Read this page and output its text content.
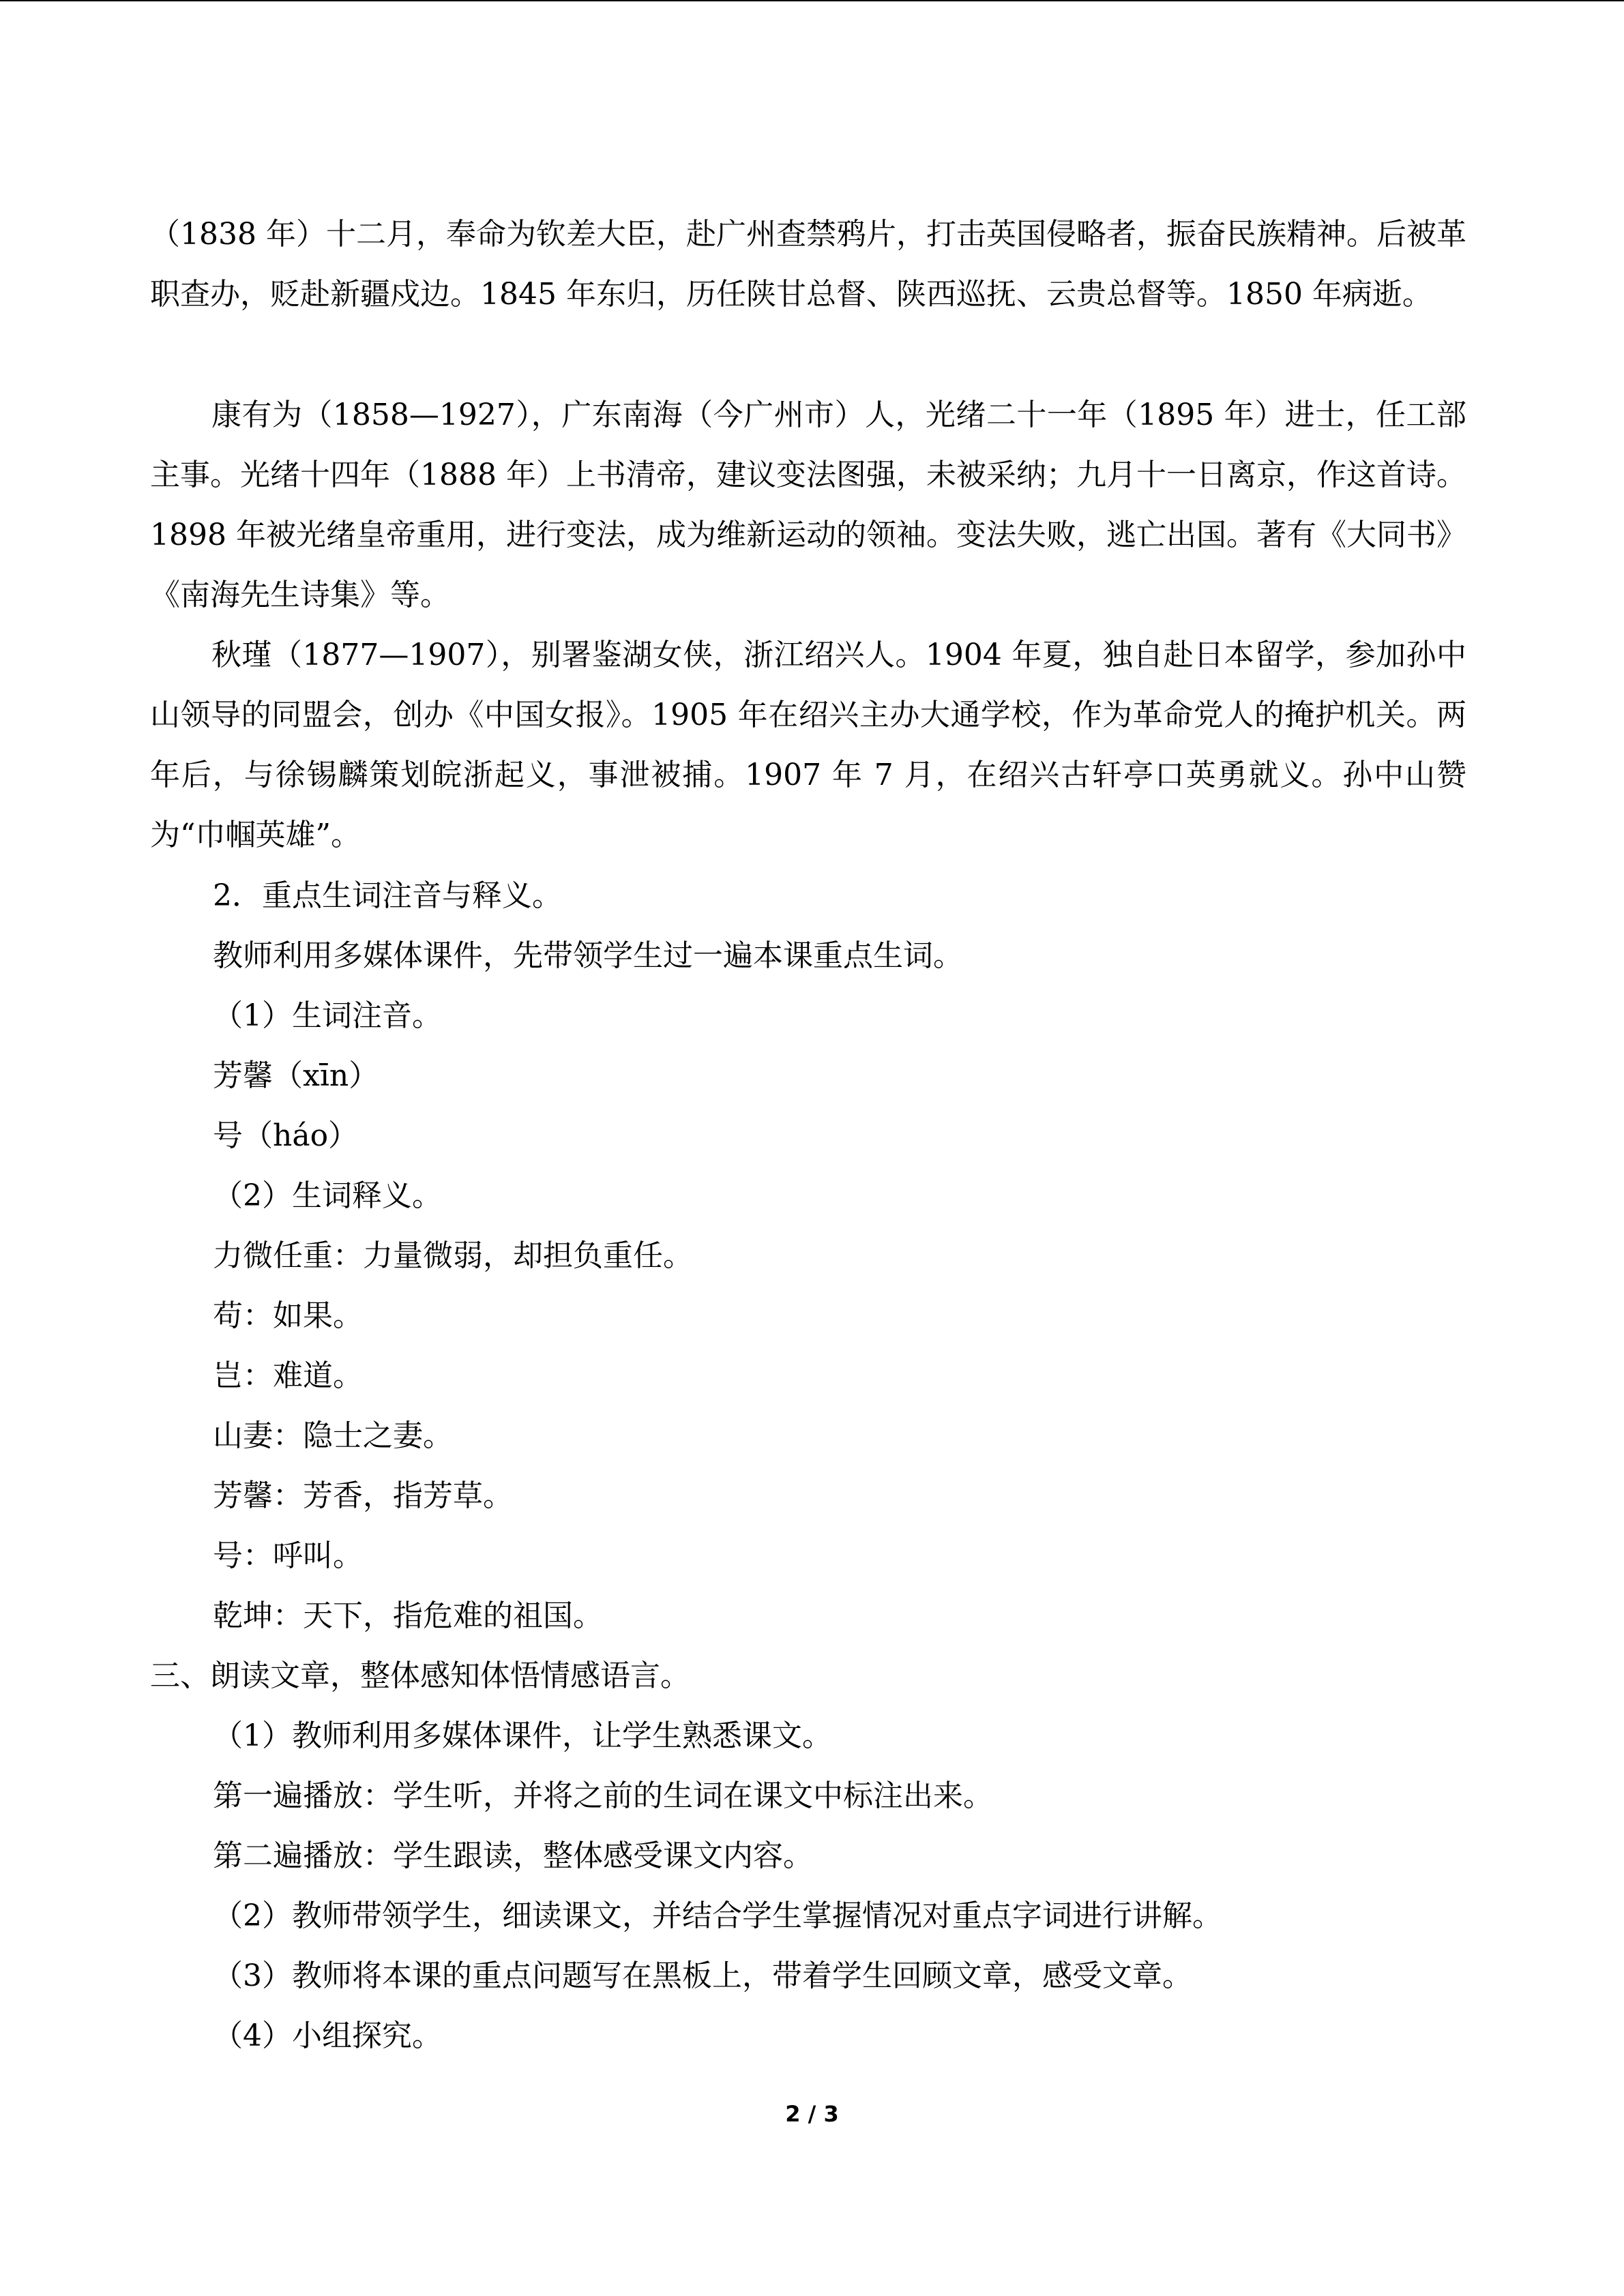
（1838 年）十二月，奉命为钦差大臣，赴广州查禁鸦片，打击英国侵略者，振奋民族精神。后被革职查办，贬赴新疆戍边。1845 年东归，历任陕甘总督、陕西巡抚、云贵总督等。1850 年病逝。

康有为（1858—1927），广东南海（今广州市）人，光绪二十一年（1895 年）进士，任工部主事。光绪十四年（1888 年）上书清帝，建议变法图强，未被采纳；九月十一日离京，作这首诗。1898 年被光绪皇帝重用，进行变法，成为维新运动的领袖。变法失败，逃亡出国。著有《大同书》《南海先生诗集》等。

秋瑾（1877—1907），别署鉴湖女侠，浙江绍兴人。1904 年夏，独自赴日本留学，参加孙中山领导的同盟会，创办《中国女报》。1905 年在绍兴主办大通学校，作为革命党人的掩护机关。两年后，与徐锡麟策划皖浙起义，事泄被捕。1907 年 7 月，在绍兴古轩亭口英勇就义。孙中山赞为“巾帼英雄”。

2．重点生词注音与释义。

教师利用多媒体课件，先带领学生过一遍本课重点生词。

（1）生词注音。

芳馨（xīn）

号（háo）

（2）生词释义。

力微任重：力量微弱，却担负重任。

苟：如果。

岂：难道。

山妻：隐士之妻。

芳馨：芳香，指芳草。

号：呼叫。

乾坤：天下，指危难的祖国。

三、朗读文章，整体感知体悟情感语言。

（1）教师利用多媒体课件，让学生熟悉课文。

第一遍播放：学生听，并将之前的生词在课文中标注出来。

第二遍播放：学生跟读，整体感受课文内容。

（2）教师带领学生，细读课文，并结合学生掌握情况对重点字词进行讲解。

（3）教师将本课的重点问题写在黑板上，带着学生回顾文章，感受文章。

（4）小组探究。

2 / 3
